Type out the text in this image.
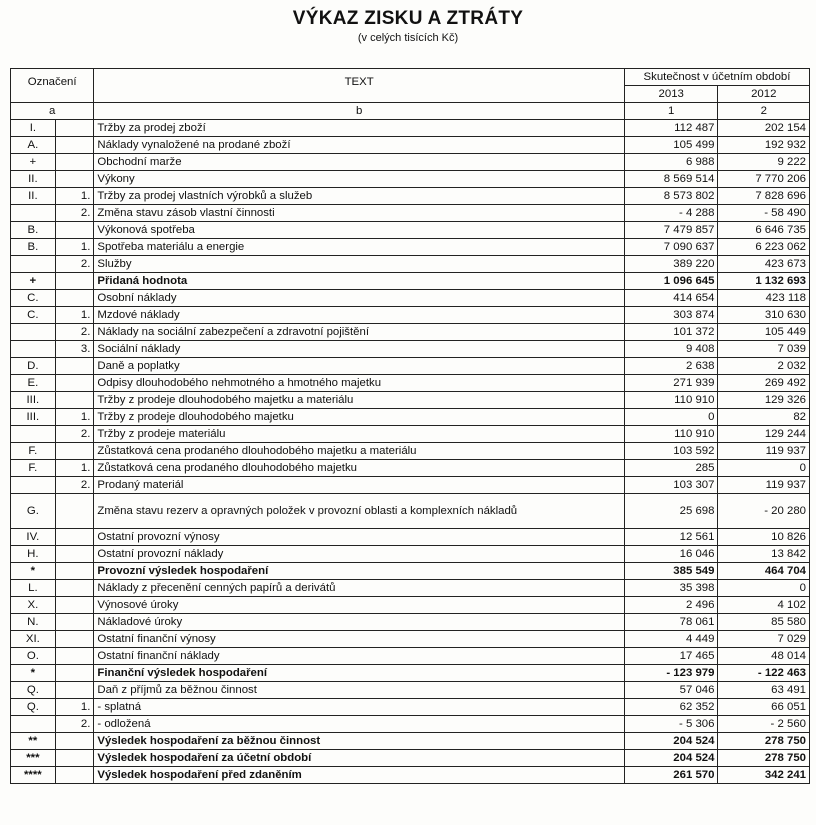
VÝKAZ ZISKU A ZTRÁTY
(v celých tisících Kč)
Označení		TEXT	Skutečnost v účetním období	
			2013	2012
a		b	1	2
I.		Tržby za prodej zboží	112 487	202 154
A.		Náklady vynaložené na prodané zboží	105 499	192 932
+		Obchodní marže	6 988	9 222
II.		Výkony	8 569 514	7 770 206
II.	1.	Tržby za prodej vlastních výrobků a služeb	8 573 802	7 828 696
	2.	Změna stavu zásob vlastní činnosti	- 4 288	- 58 490
B.		Výkonová spotřeba	7 479 857	6 646 735
B.	1.	Spotřeba materiálu a energie	7 090 637	6 223 062
	2.	Služby	389 220	423 673
+		Přidaná hodnota	1 096 645	1 132 693
C.		Osobní náklady	414 654	423 118
C.	1.	Mzdové náklady	303 874	310 630
	2.	Náklady na sociální zabezpečení a zdravotní pojištění	101 372	105 449
	3.	Sociální náklady	9 408	7 039
D.		Daně a poplatky	2 638	2 032
E.		Odpisy dlouhodobého nehmotného a hmotného majetku	271 939	269 492
III.		Tržby z prodeje dlouhodobého majetku a materiálu	110 910	129 326
III.	1.	Tržby z prodeje dlouhodobého majetku	0	82
	2.	Tržby z prodeje materiálu	110 910	129 244
F.		Zůstatková cena prodaného dlouhodobého majetku a materiálu	103 592	119 937
F.	1.	Zůstatková cena prodaného dlouhodobého majetku	285	0
	2.	Prodaný materiál	103 307	119 937
G.		Změna stavu rezerv a opravných položek v provozní oblasti a komplexních nákladů	25 698	- 20 280
IV.		Ostatní provozní výnosy	12 561	10 826
H.		Ostatní provozní náklady	16 046	13 842
*		Provozní výsledek hospodaření	385 549	464 704
L.		Náklady z přecenění cenných papírů a derivátů	35 398	0
X.		Výnosové úroky	2 496	4 102
N.		Nákladové úroky	78 061	85 580
XI.		Ostatní finanční výnosy	4 449	7 029
O.		Ostatní finanční náklady	17 465	48 014
*		Finanční výsledek hospodaření	- 123 979	- 122 463
Q.		Daň z příjmů za běžnou činnost	57 046	63 491
Q.	1.	- splatná	62 352	66 051
	2.	- odložená	- 5 306	- 2 560
**		Výsledek hospodaření za běžnou činnost	204 524	278 750
***		Výsledek hospodaření za účetní období	204 524	278 750
****		Výsledek hospodaření před zdaněním	261 570	342 241
